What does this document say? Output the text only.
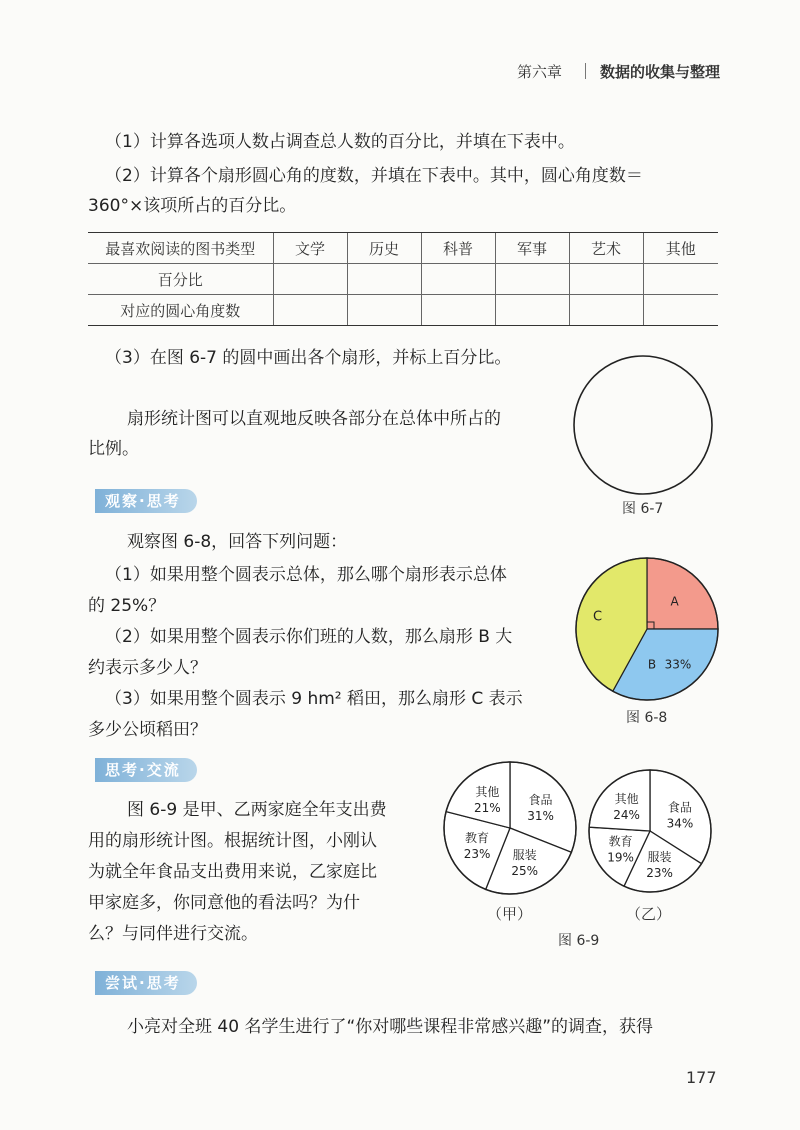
第六章	数据的收集与整理
（1）计算各选项人数占调查总人数的百分比，并填在下表中。
（2）计算各个扇形圆心角的度数，并填在下表中。其中，圆心角度数＝
360°×该项所占的百分比。
最喜欢阅读的图书类型	文学	历史	科普	军事	艺术	其他
百分比						
对应的圆心角度数						
（3）在图 6-7 的圆中画出各个扇形，并标上百分比。
扇形统计图可以直观地反映各部分在总体中所占的
比例。
图 6-7
观察·思考
观察图 6-8，回答下列问题：
（1）如果用整个圆表示总体，那么哪个扇形表示总体
的 25%？
（2）如果用整个圆表示你们班的人数，那么扇形 B 大
约表示多少人？
（3）如果用整个圆表示 9 hm² 稻田，那么扇形 C 表示
多少公顷稻田？
A
B 33%
C
图 6-8
思考·交流
图 6-9 是甲、乙两家庭全年支出费
用的扇形统计图。根据统计图，小刚认
为就全年食品支出费用来说，乙家庭比
甲家庭多，你同意他的看法吗？为什
么？与同伴进行交流。
食品
31%
服装
25%
教育
23%
其他
21%	食品
34%
服装
23%
教育
19%
其他
24%
（甲）	（乙）
图 6-9
尝试·思考
小亮对全班 40 名学生进行了“你对哪些课程非常感兴趣”的调查，获得
177
